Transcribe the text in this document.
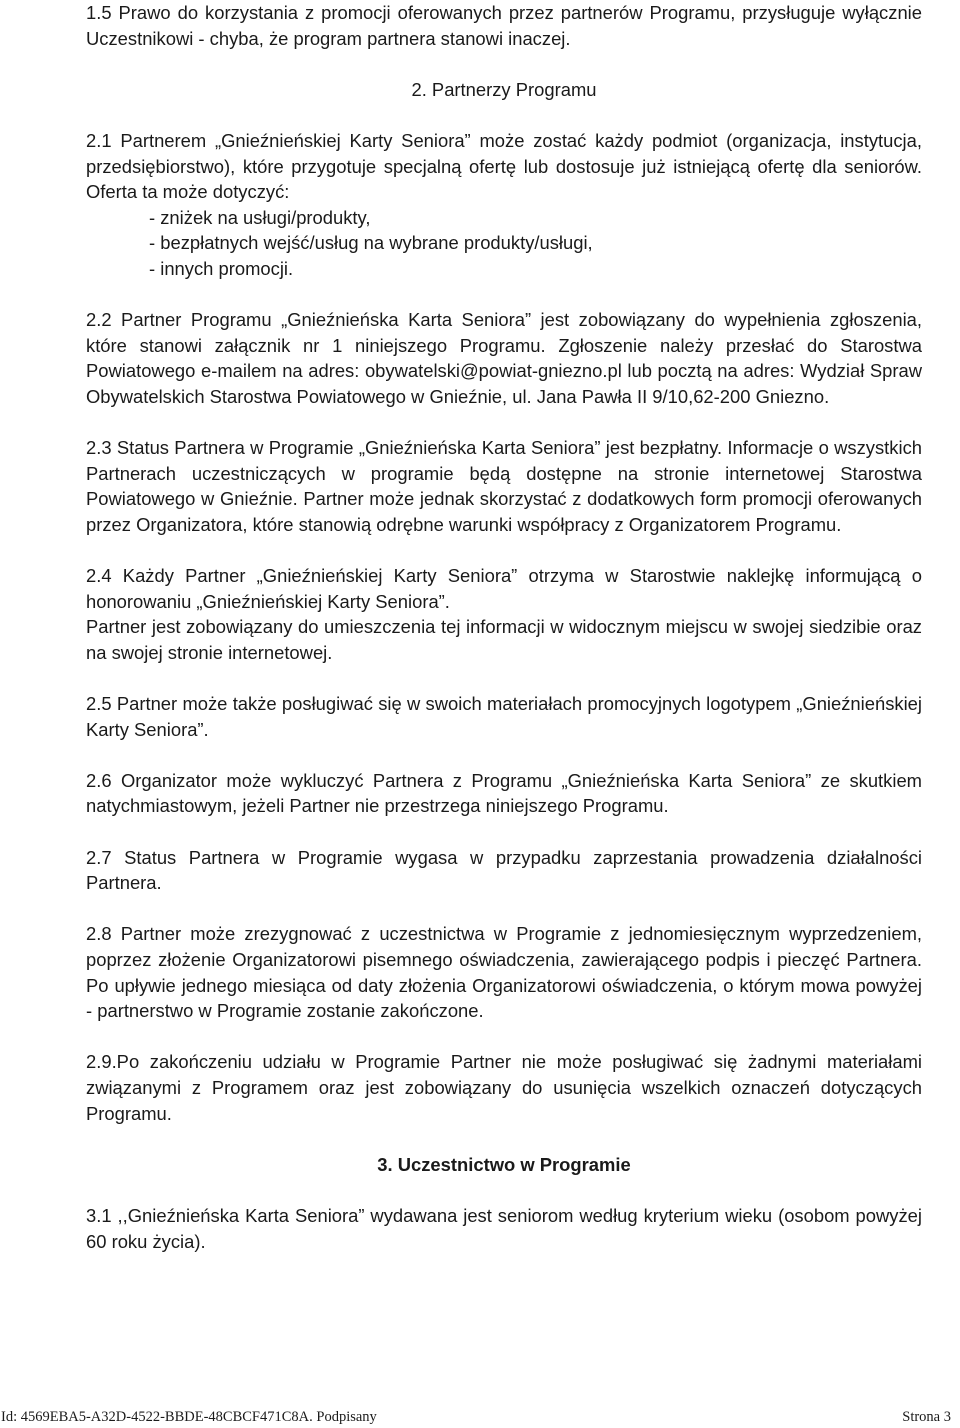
1.5 Prawo do korzystania z promocji oferowanych przez partnerów Programu, przysługuje wyłącznie Uczestnikowi - chyba, że program partnera stanowi inaczej.

2. Partnerzy Programu

2.1 Partnerem „Gnieźnieńskiej Karty Seniora” może zostać każdy podmiot (organizacja, instytucja, przedsiębiorstwo), które przygotuje specjalną ofertę lub dostosuje już istniejącą ofertę dla seniorów. Oferta ta może dotyczyć:

- zniżek na usługi/produkty,

- bezpłatnych wejść/usług na wybrane produkty/usługi,

- innych promocji.

2.2 Partner Programu „Gnieźnieńska Karta Seniora” jest zobowiązany do wypełnienia zgłoszenia, które stanowi załącznik nr 1 niniejszego Programu. Zgłoszenie należy przesłać do Starostwa Powiatowego e-mailem na adres: obywatelski@powiat-gniezno.pl lub pocztą na adres: Wydział Spraw Obywatelskich Starostwa Powiatowego w Gnieźnie, ul. Jana Pawła II 9/10,62-200 Gniezno.

2.3 Status Partnera w Programie „Gnieźnieńska Karta Seniora” jest bezpłatny. Informacje o wszystkich Partnerach uczestniczących w programie będą dostępne na stronie internetowej Starostwa Powiatowego w Gnieźnie. Partner może jednak skorzystać z dodatkowych form promocji oferowanych przez Organizatora, które stanowią odrębne warunki współpracy z Organizatorem Programu.

2.4 Każdy Partner „Gnieźnieńskiej Karty Seniora” otrzyma w Starostwie naklejkę informującą o honorowaniu „Gnieźnieńskiej Karty Seniora”.

Partner jest zobowiązany do umieszczenia tej informacji w widocznym miejscu w swojej siedzibie oraz na swojej stronie internetowej.

2.5 Partner może także posługiwać się w swoich materiałach promocyjnych logotypem „Gnieźnieńskiej Karty Seniora”.

2.6 Organizator może wykluczyć Partnera z Programu „Gnieźnieńska Karta Seniora” ze skutkiem natychmiastowym, jeżeli Partner nie przestrzega niniejszego Programu.

2.7 Status Partnera w Programie wygasa w przypadku zaprzestania prowadzenia działalności Partnera.

2.8 Partner może zrezygnować z uczestnictwa w Programie z jednomiesięcznym wyprzedzeniem, poprzez złożenie Organizatorowi pisemnego oświadczenia, zawierającego podpis i pieczęć Partnera. Po upływie jednego miesiąca od daty złożenia Organizatorowi oświadczenia, o którym mowa powyżej - partnerstwo w Programie zostanie zakończone.

2.9.Po zakończeniu udziału w Programie Partner nie może posługiwać się żadnymi materiałami związanymi z Programem oraz jest zobowiązany do usunięcia wszelkich oznaczeń dotyczących Programu.

3. Uczestnictwo w Programie

3.1 ,,Gnieźnieńska Karta Seniora” wydawana jest seniorom według kryterium wieku (osobom powyżej 60 roku życia).

Id: 4569EBA5-A32D-4522-BBDE-48CBCF471C8A. Podpisany	Strona 3
